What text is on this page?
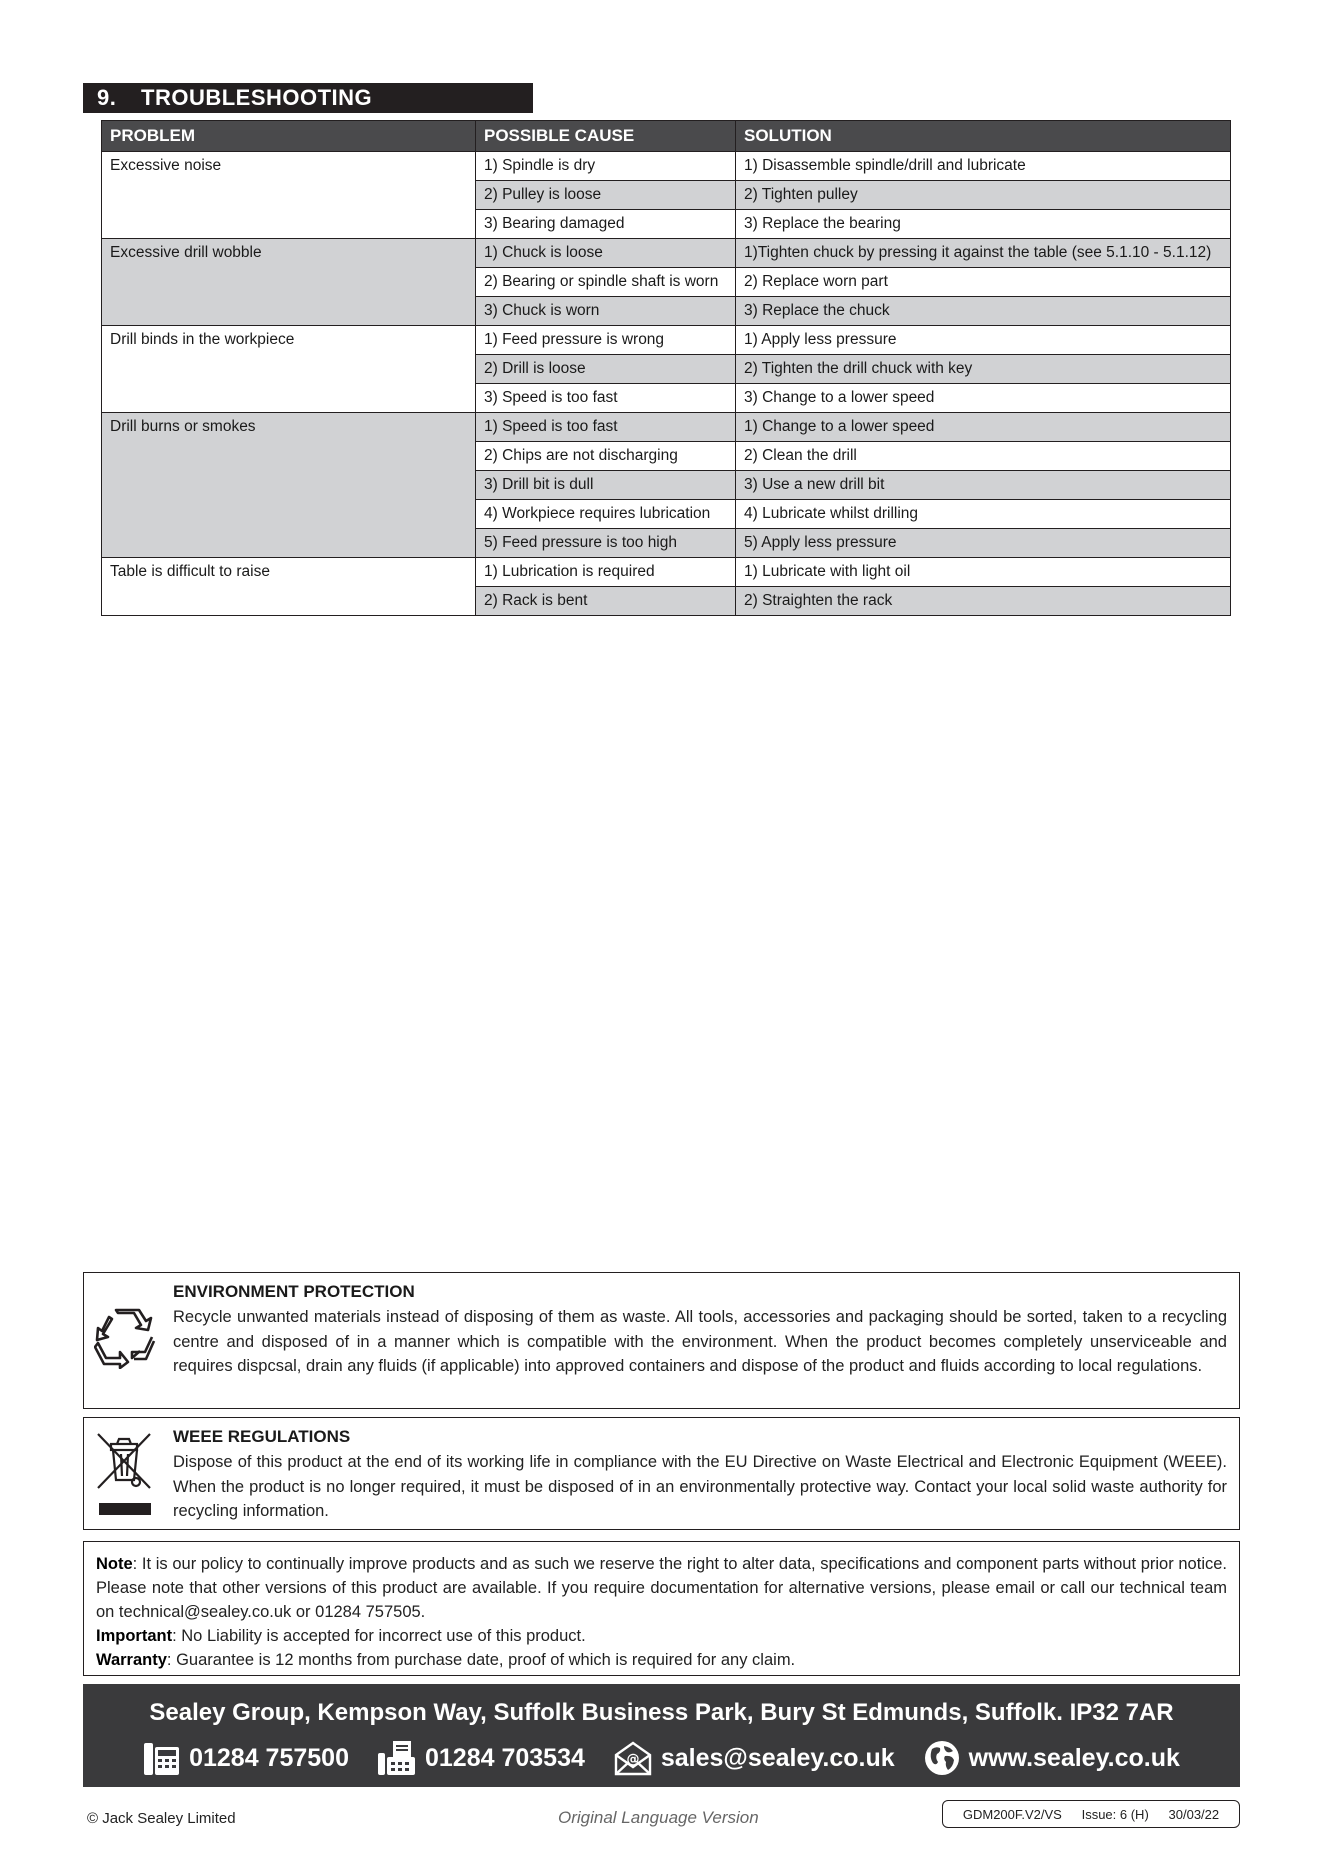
9. TROUBLESHOOTING
PROBLEM	POSSIBLE CAUSE	SOLUTION
Excessive noise	1) Spindle is dry	1) Disassemble spindle/drill and lubricate
	2) Pulley is loose	2) Tighten pulley
	3) Bearing damaged	3) Replace the bearing
Excessive drill wobble	1) Chuck is loose	1)Tighten chuck by pressing it against the table (see 5.1.10 - 5.1.12)
	2) Bearing or spindle shaft is worn	2) Replace worn part
	3) Chuck is worn	3) Replace the chuck
Drill binds in the workpiece	1) Feed pressure is wrong	1) Apply less pressure
	2) Drill is loose	2) Tighten the drill chuck with key
	3) Speed is too fast	3) Change to a lower speed
Drill burns or smokes	1) Speed is too fast	1) Change to a lower speed
	2) Chips are not discharging	2) Clean the drill
	3) Drill bit is dull	3) Use a new drill bit
	4) Workpiece requires lubrication	4) Lubricate whilst drilling
	5) Feed pressure is too high	5) Apply less pressure
Table is difficult to raise	1) Lubrication is required	1) Lubricate with light oil
	2) Rack is bent	2) Straighten the rack
ENVIRONMENT PROTECTION
Recycle unwanted materials instead of disposing of them as waste. All tools, accessories and packaging should be sorted, taken to a recycling centre and disposed of in a manner which is compatible with the environment. When the product becomes completely unserviceable and requires dispcsal, drain any fluids (if applicable) into approved containers and dispose of the product and fluids according to local regulations.
WEEE REGULATIONS
Dispose of this product at the end of its working life in compliance with the EU Directive on Waste Electrical and Electronic Equipment (WEEE). When the product is no longer required, it must be disposed of in an environmentally protective way. Contact your local solid waste authority for recycling information.

Note: It is our policy to continually improve products and as such we reserve the right to alter data, specifications and component parts without prior notice. Please note that other versions of this product are available. If you require documentation for alternative versions, please email or call our technical team on technical@sealey.co.uk or 01284 757505.

Important: No Liability is accepted for incorrect use of this product.

Warranty: Guarantee is 12 months from purchase date, proof of which is required for any claim.

Sealey Group, Kempson Way, Suffolk Business Park, Bury St Edmunds, Suffolk. IP32 7AR
01284 757500	01284 703534	@ sales@sealey.co.uk	www.sealey.co.uk
© Jack Sealey Limited	Original Language Version	GDM200F.V2/VS Issue: 6 (H) 30/03/22
